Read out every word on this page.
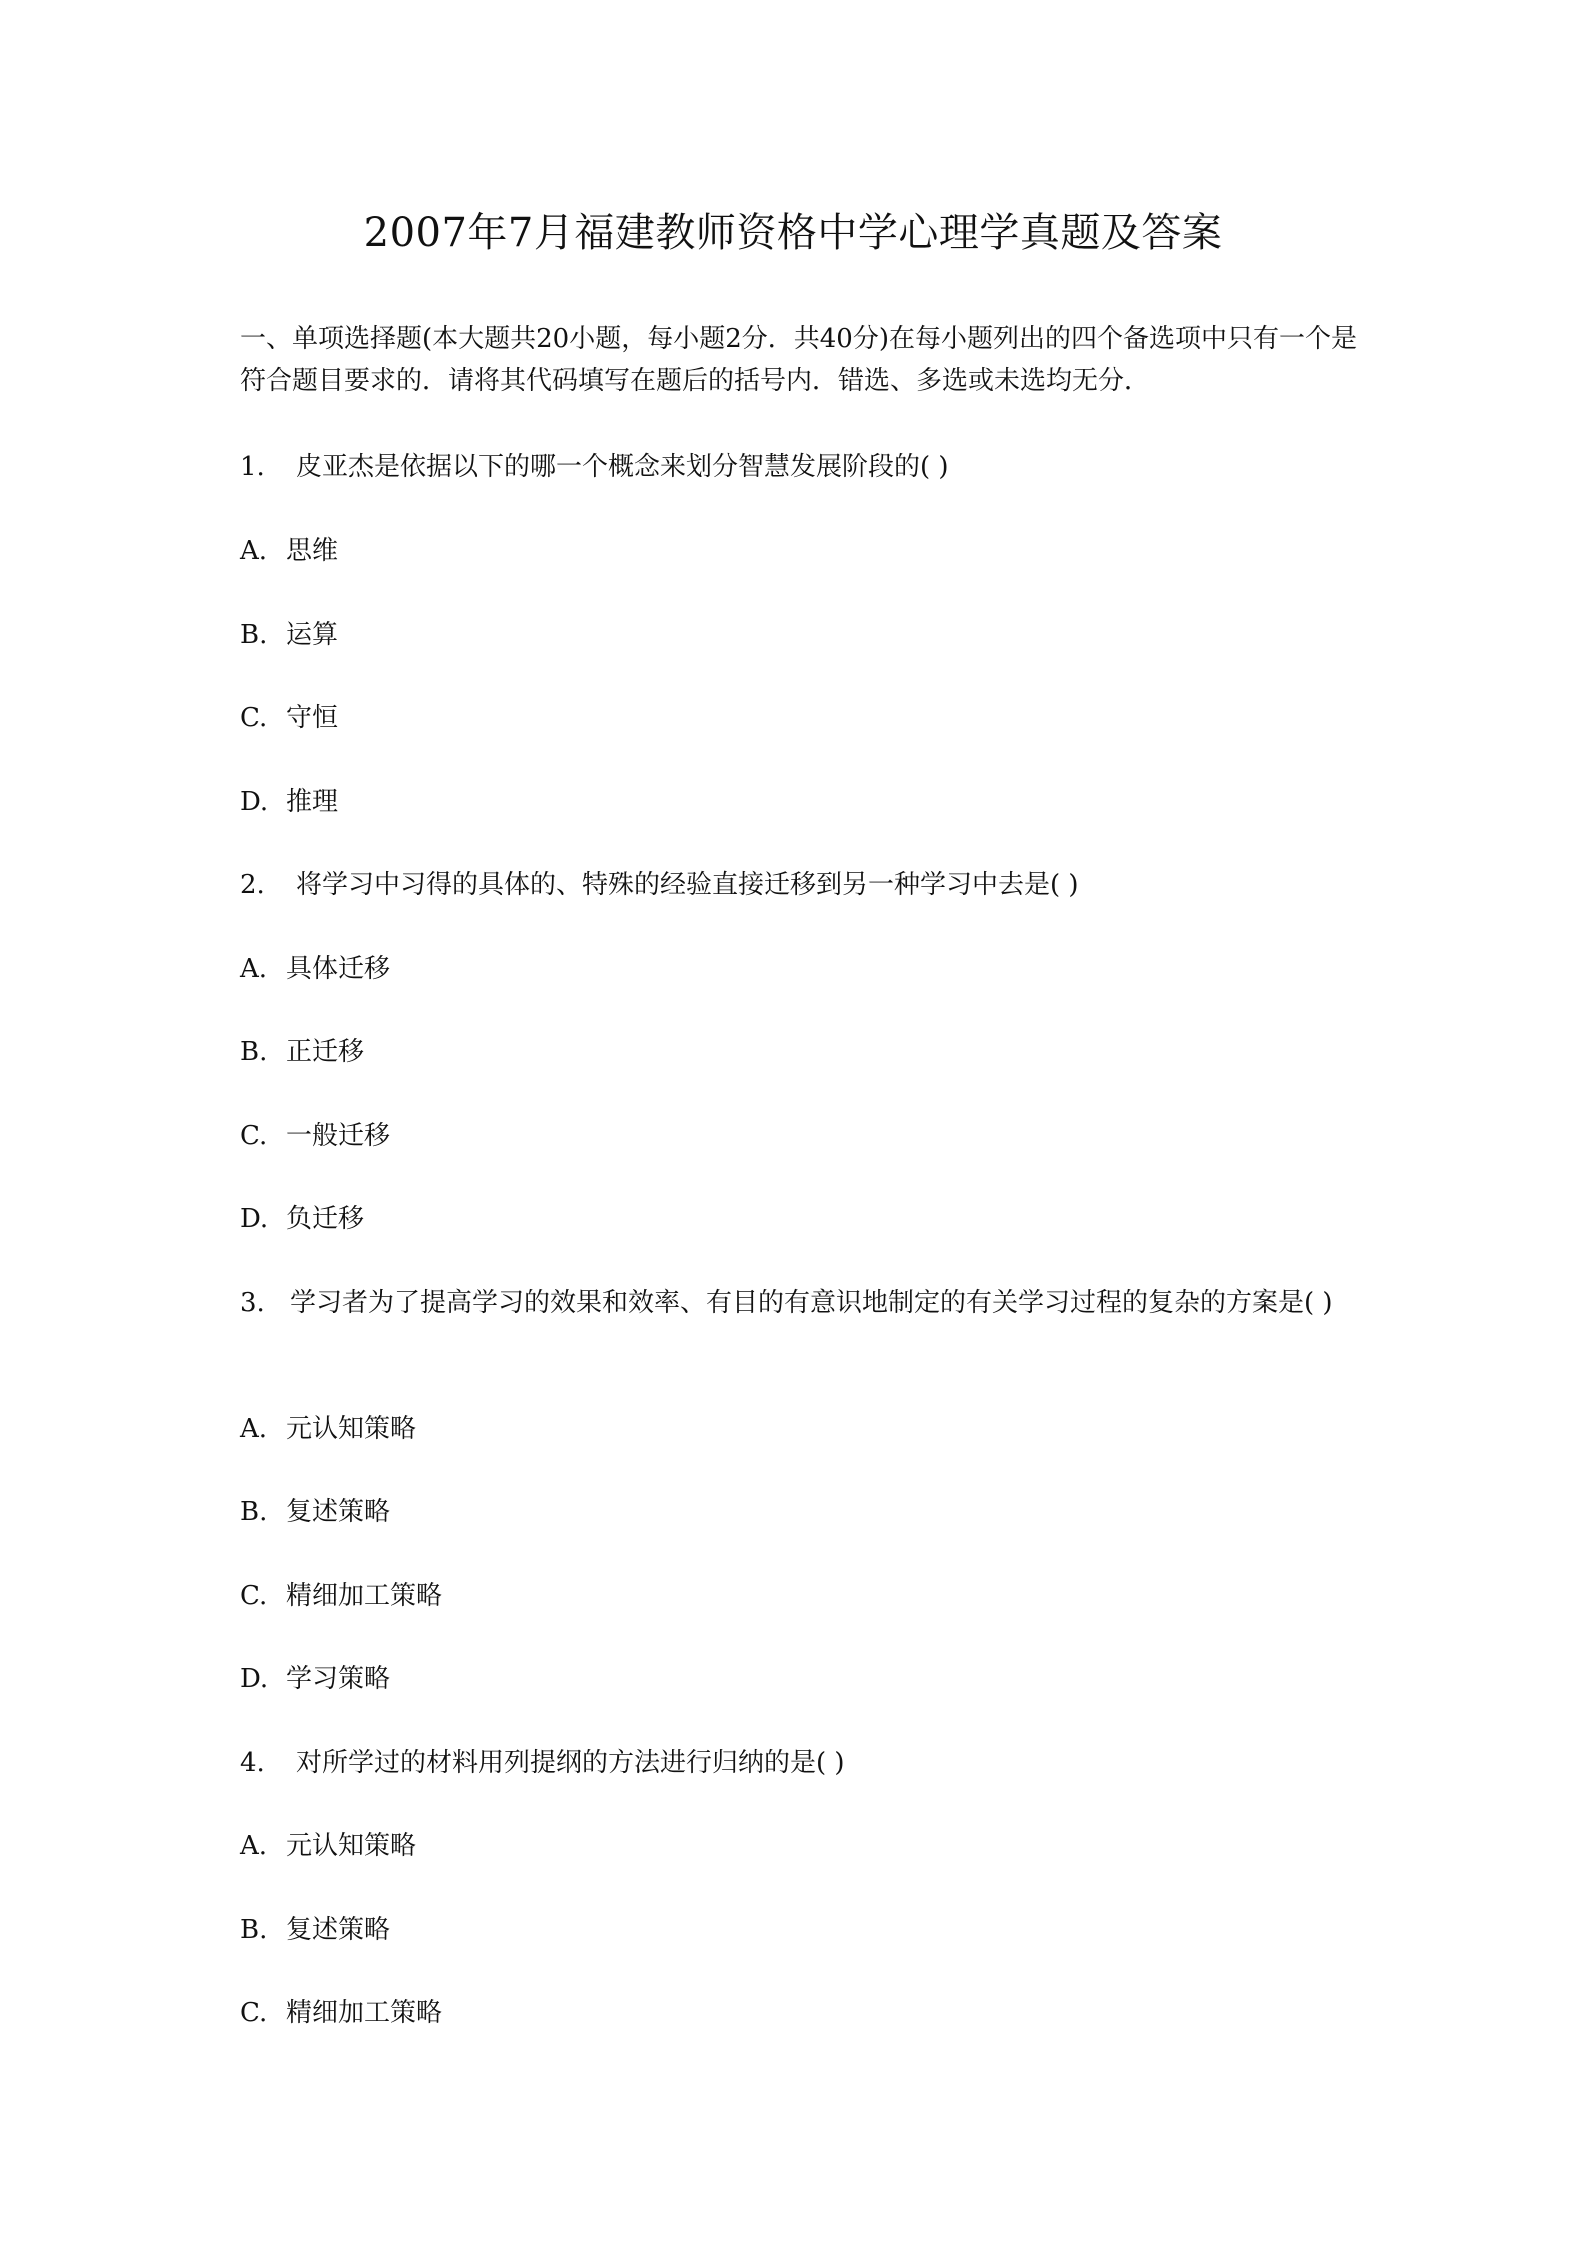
2007年7月福建教师资格中学心理学真题及答案
一、单项选择题(本大题共20小题，每小题2分．共40分)在每小题列出的四个备选项中只有一个是符合题目要求的．请将其代码填写在题后的括号内．错选、多选或未选均无分．
1. 皮亚杰是依据以下的哪一个概念来划分智慧发展阶段的( )
A. 思维
B. 运算
C. 守恒
D. 推理
2. 将学习中习得的具体的、特殊的经验直接迁移到另一种学习中去是( )
A. 具体迁移
B. 正迁移
C. 一般迁移
D. 负迁移
3. 学习者为了提高学习的效果和效率、有目的有意识地制定的有关学习过程的复杂的方案是( )
A. 元认知策略
B. 复述策略
C. 精细加工策略
D. 学习策略
4. 对所学过的材料用列提纲的方法进行归纳的是( )
A. 元认知策略
B. 复述策略
C. 精细加工策略
